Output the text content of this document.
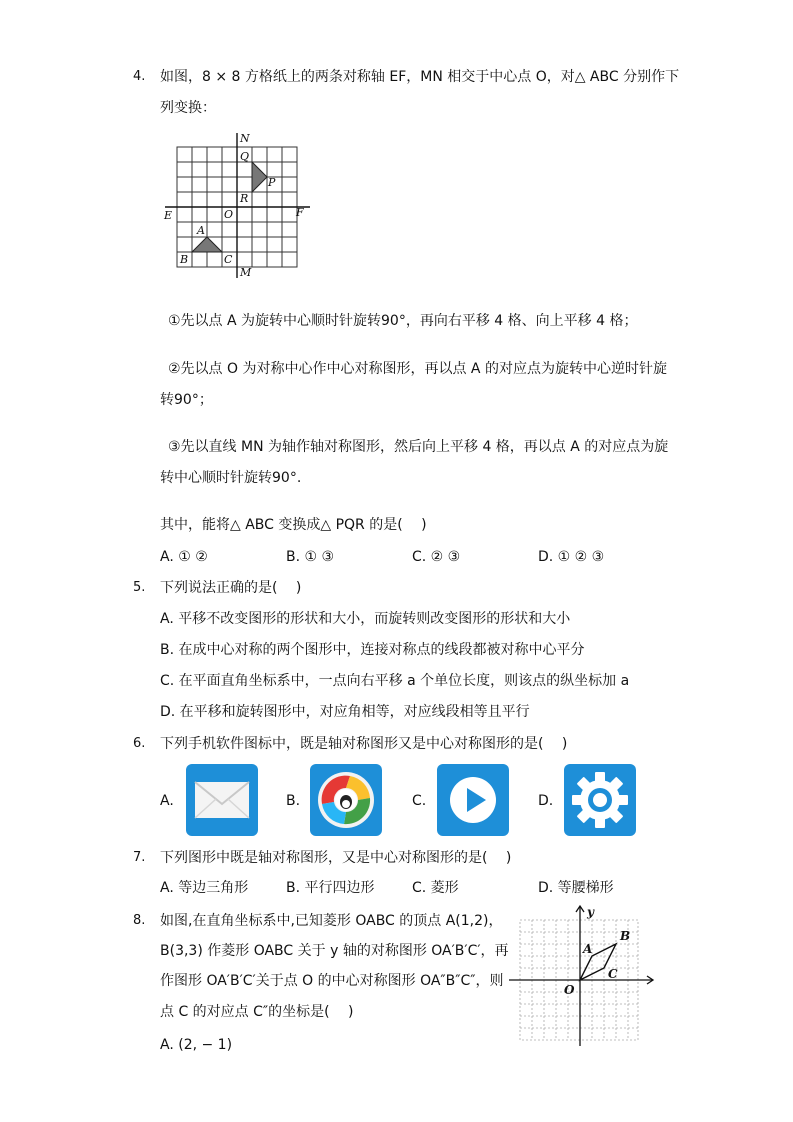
4. 如图，8 × 8 方格纸上的两条对称轴 EF，MN 相交于中心点 O，对△ ABC 分别作下
列变换：
N
Q
P
R
O
E	F
A
B	C
M
①先以点 A 为旋转中心顺时针旋转90°，再向右平移 4 格、向上平移 4 格；
②先以点 O 为对称中心作中心对称图形，再以点 A 的对应点为旋转中心逆时针旋
转90°；
③先以直线 MN 为轴作轴对称图形，然后向上平移 4 格，再以点 A 的对应点为旋
转中心顺时针旋转90°.
其中，能将△ ABC 变换成△ PQR 的是(　 )
A. ① ②	B. ① ③	C. ② ③	D. ① ② ③
5. 下列说法正确的是(　 )
A. 平移不改变图形的形状和大小，而旋转则改变图形的形状和大小
B. 在成中心对称的两个图形中，连接对称点的线段都被对称中心平分
C. 在平面直角坐标系中，一点向右平移 a 个单位长度，则该点的纵坐标加 a
D. 在平移和旋转图形中，对应角相等，对应线段相等且平行
6. 下列手机软件图标中，既是轴对称图形又是中心对称图形的是(　 )
A.	B.	C.	D.
7. 下列图形中既是轴对称图形，又是中心对称图形的是(　 )
A. 等边三角形	B. 平行四边形	C. 菱形	D. 等腰梯形
8. 如图,在直角坐标系中,已知菱形 OABC 的顶点 A(1,2)，
B(3,3) 作菱形 OABC 关于 y 轴的对称图形 OA′B′C′，再
作图形 OA′B′C′关于点 O 的中心对称图形 OA″B″C″，则
点 C 的对应点 C″的坐标是(　 )
A. (2, − 1)
y
A
B
C
O
